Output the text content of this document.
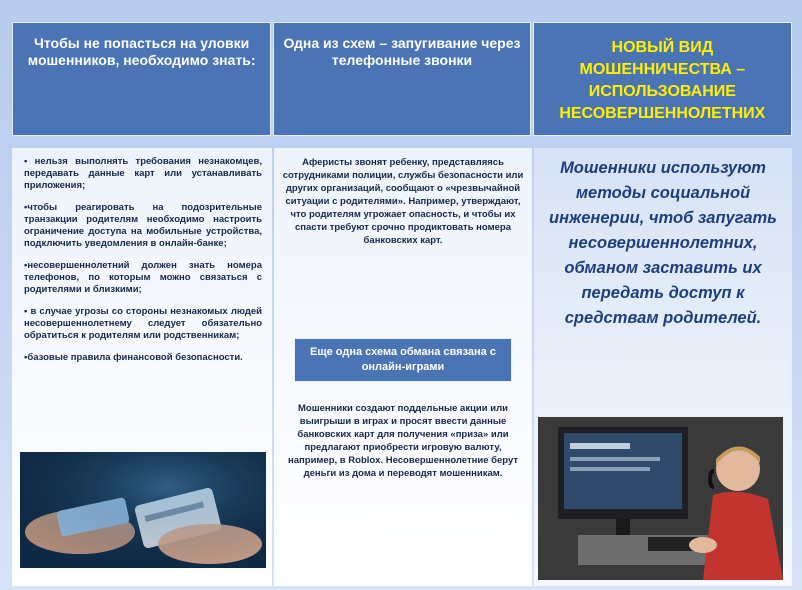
Чтобы не попасться на уловки мошенников, необходимо знать:
Одна из схем – запугивание через телефонные звонки
НОВЫЙ ВИД МОШЕННИЧЕСТВА – ИСПОЛЬЗОВАНИЕ НЕСОВЕРШЕННОЛЕТНИХ
• нельзя выполнять требования незнакомцев, передавать данные карт или устанавливать приложения;
•чтобы реагировать на подозрительные транзакции родителям необходимо настроить ограничение доступа на мобильные устройства, подключить уведомления в онлайн-банке;
•несовершеннолетний должен знать номера телефонов, по которым можно связаться с родителями и близкими;
• в случае угрозы со стороны незнакомых людей несовершеннолетнему следует обязательно обратиться к родителям или родственникам;
•базовые правила финансовой безопасности.

Аферисты звонят ребенку, представляясь сотрудниками полиции, службы безопасности или других организаций, сообщают о «чрезвычайной ситуации с родителями». Например, утверждают, что родителям угрожает опасность, и чтобы их спасти требуют срочно продиктовать номера банковских карт.

Еще одна схема обмана связана с онлайн-играми

Мошенники создают поддельные акции или выигрыши в играх и просят ввести данные банковских карт для получения «приза» или предлагают приобрести игровую валюту, например, в Roblox. Несовершеннолетние берут деньги из дома и переводят мошенникам.

Мошенники используют методы социальной инженерии, чтоб запугать несовершеннолетних, обманом заставить их передать доступ к средствам родителей.
